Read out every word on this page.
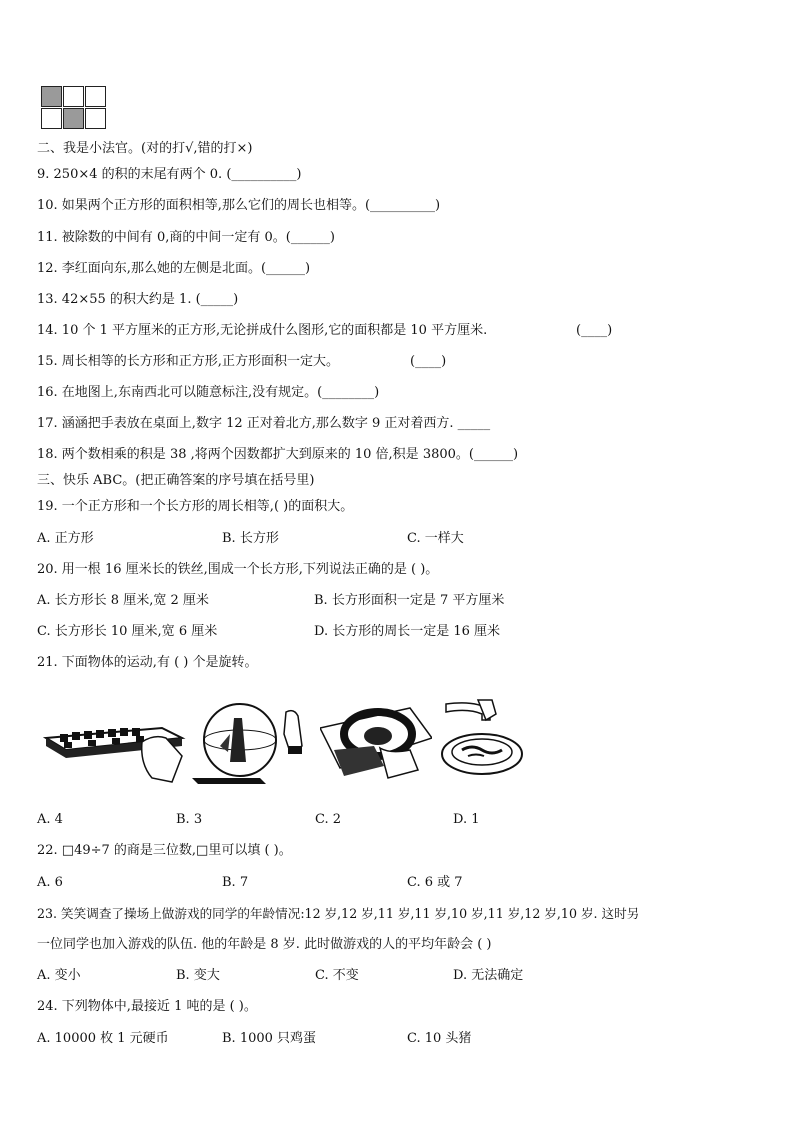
二、我是小法官。(对的打√,错的打×)
9. 250×4 的积的末尾有两个 0. (__________)
10. 如果两个正方形的面积相等,那么它们的周长也相等。(__________)
11. 被除数的中间有 0,商的中间一定有 0。(______)
12. 李红面向东,那么她的左侧是北面。(______)
13. 42×55 的积大约是 1. (_____)
14. 10 个 1 平方厘米的正方形,无论拼成什么图形,它的面积都是 10 平方厘米.	(____)
15. 周长相等的长方形和正方形,正方形面积一定大。	(____)
16. 在地图上,东南西北可以随意标注,没有规定。(________)
17. 涵涵把手表放在桌面上,数字 12 正对着北方,那么数字 9 正对着西方. _____
18. 两个数相乘的积是 38 ,将两个因数都扩大到原来的 10 倍,积是 3800。(______)
三、快乐 ABC。(把正确答案的序号填在括号里)
19. 一个正方形和一个长方形的周长相等,( )的面积大。
A. 正方形	B. 长方形	C. 一样大
20. 用一根 16 厘米长的铁丝,围成一个长方形,下列说法正确的是 ( )。
A. 长方形长 8 厘米,宽 2 厘米	B. 长方形面积一定是 7 平方厘米
C. 长方形长 10 厘米,宽 6 厘米	D. 长方形的周长一定是 16 厘米
21. 下面物体的运动,有 ( ) 个是旋转。
A. 4	B. 3	C. 2	D. 1
22. □49÷7 的商是三位数,□里可以填 ( )。
A. 6	B. 7	C. 6 或 7
23. 笑笑调查了操场上做游戏的同学的年龄情况:12 岁,12 岁,11 岁,11 岁,10 岁,11 岁,12 岁,10 岁. 这时另
一位同学也加入游戏的队伍. 他的年龄是 8 岁. 此时做游戏的人的平均年龄会 ( )
A. 变小	B. 变大	C. 不变	D. 无法确定
24. 下列物体中,最接近 1 吨的是 ( )。
A. 10000 枚 1 元硬币	B. 1000 只鸡蛋	C. 10 头猪
